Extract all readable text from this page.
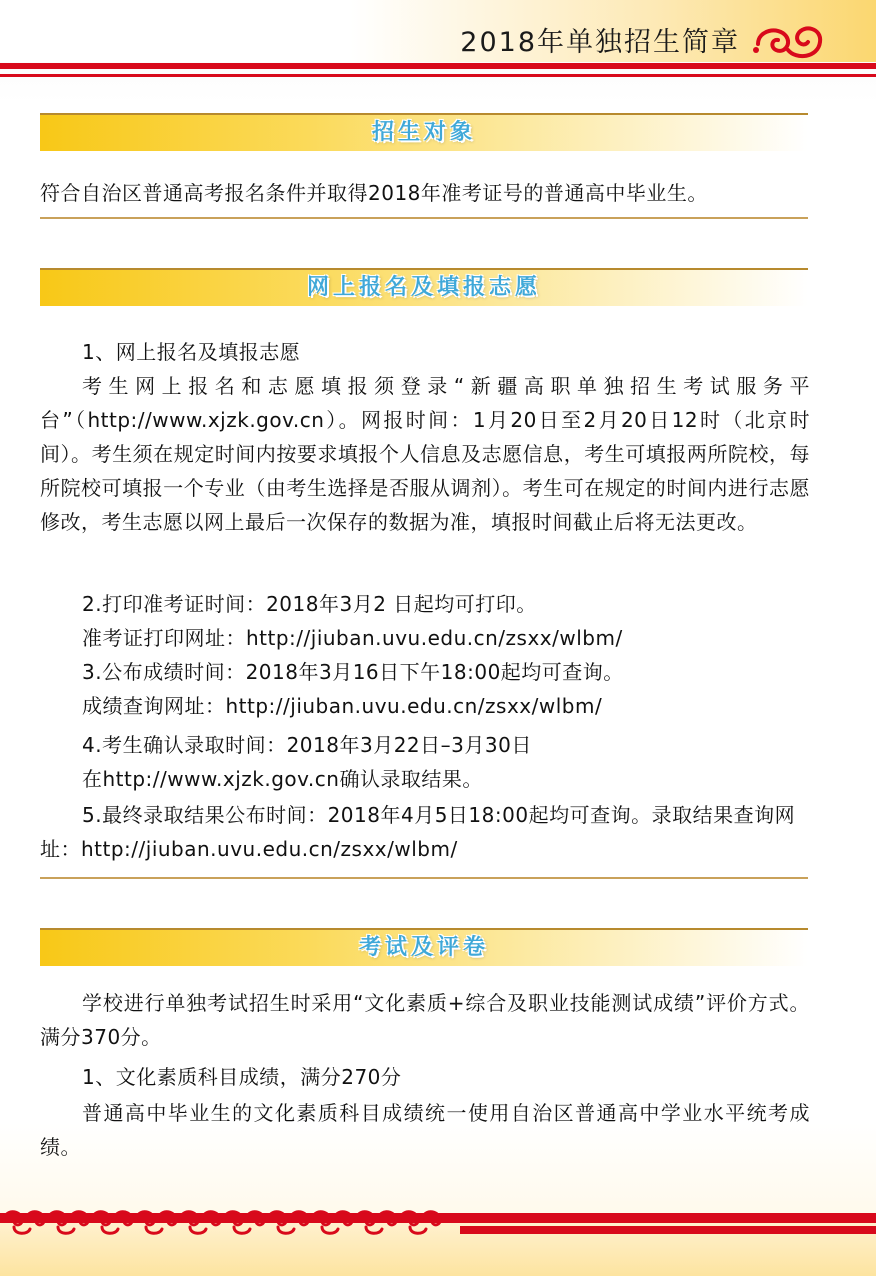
2018年单独招生简章
招生对象
符合自治区普通高考报名条件并取得2018年准考证号的普通高中毕业生。
网上报名及填报志愿
1、网上报名及填报志愿
考生网上报名和志愿填报须登录“新疆高职单独招生考试服务平台”（http://www.xjzk.gov.cn）。网报时间：1月20日至2月20日12时（北京时间）。考生须在规定时间内按要求填报个人信息及志愿信息，考生可填报两所院校，每所院校可填报一个专业（由考生选择是否服从调剂）。考生可在规定的时间内进行志愿修改，考生志愿以网上最后一次保存的数据为准，填报时间截止后将无法更改。
2.打印准考证时间：2018年3月2 日起均可打印。
准考证打印网址：http://jiuban.uvu.edu.cn/zsxx/wlbm/
3.公布成绩时间：2018年3月16日下午18:00起均可查询。
成绩查询网址：http://jiuban.uvu.edu.cn/zsxx/wlbm/
4.考生确认录取时间：2018年3月22日–3月30日
在http://www.xjzk.gov.cn确认录取结果。
5.最终录取结果公布时间：2018年4月5日18:00起均可查询。录取结果查询网址：http://jiuban.uvu.edu.cn/zsxx/wlbm/
考试及评卷
学校进行单独考试招生时采用“文化素质+综合及职业技能测试成绩”评价方式。满分370分。
1、文化素质科目成绩，满分270分
普通高中毕业生的文化素质科目成绩统一使用自治区普通高中学业水平统考成绩。
